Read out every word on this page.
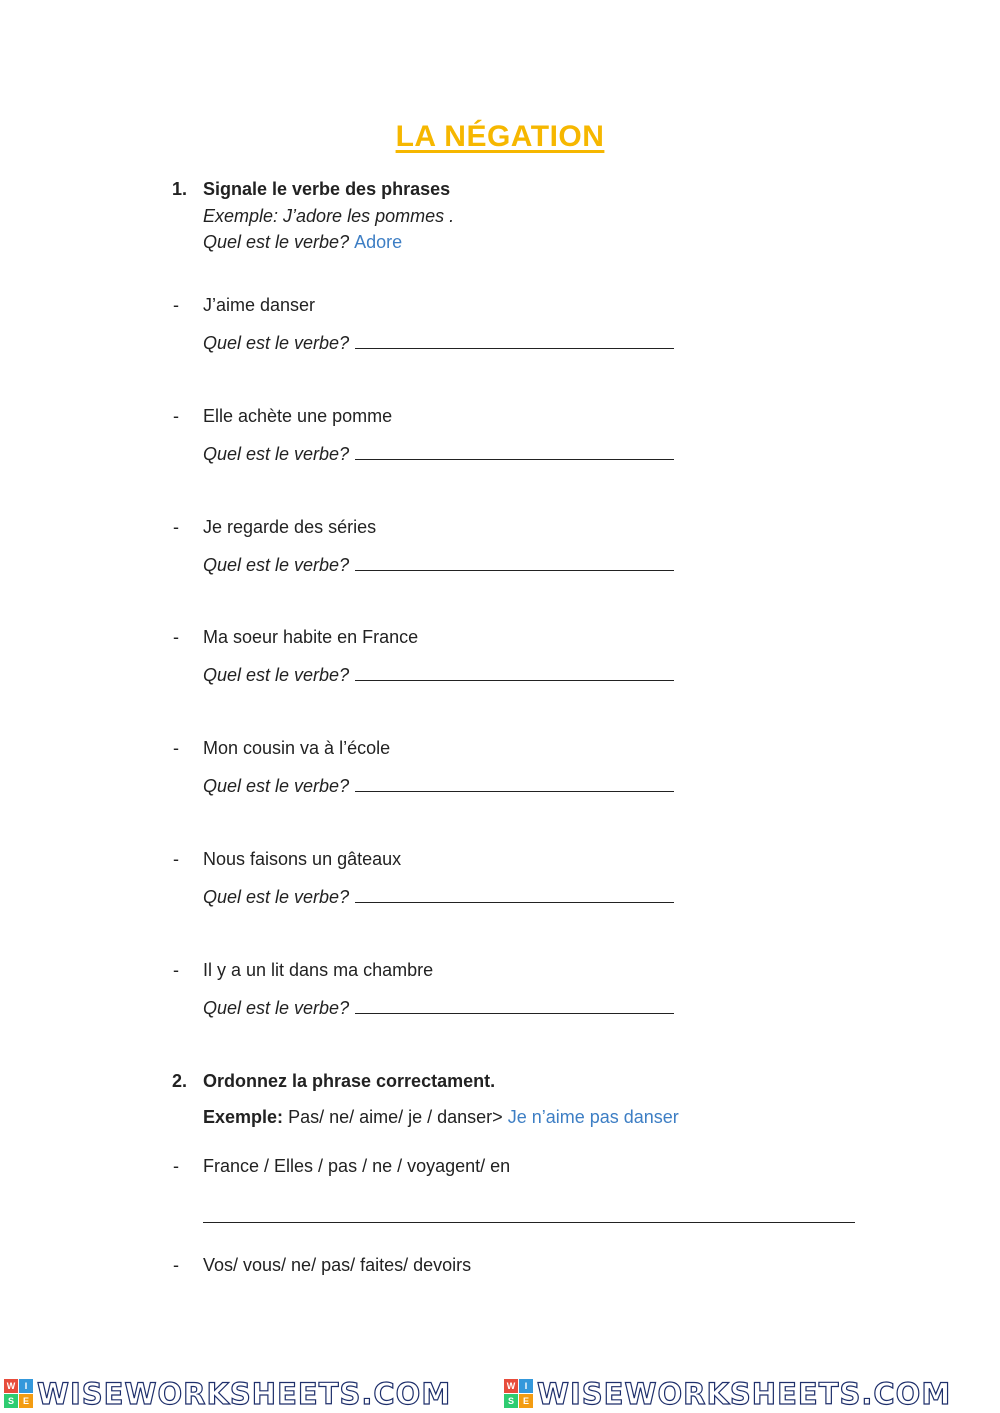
LA NÉGATION
1. Signale le verbe des phrases
Exemple: J’adore les pommes .
Quel est le verbe? Adore
- J’aime danser
Quel est le verbe?
- Elle achète une pomme
Quel est le verbe?
- Je regarde des séries
Quel est le verbe?
- Ma soeur habite en France
Quel est le verbe?
- Mon cousin va à l’école
Quel est le verbe?
- Nous faisons un gâteaux
Quel est le verbe?
- Il y a un lit dans ma chambre
Quel est le verbe?
2. Ordonnez la phrase correctament.
Exemple: Pas/ ne/ aime/ je / danser> Je n’aime pas danser
- France / Elles / pas / ne / voyagent/ en
- Vos/ vous/ ne/ pas/ faites/ devoirs
W	I
S E WISEWORKSHEETS.COM	W	I
S E WISEWORKSHEETS.COM
